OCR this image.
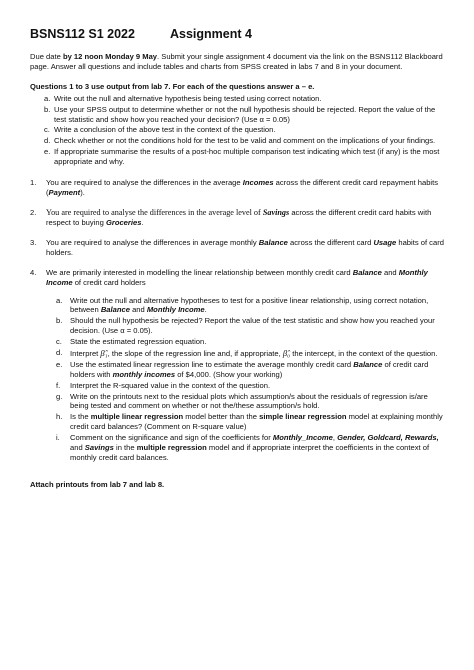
BSNS112 S1 2022	Assignment 4

Due date by 12 noon Monday 9 May. Submit your single assignment 4 document via the link on the BSNS112 Blackboard page. Answer all questions and include tables and charts from SPSS created in labs 7 and 8 in your document.

Questions 1 to 3 use output from lab 7. For each of the questions answer a – e.
a. Write out the null and alternative hypothesis being tested using correct notation.
b. Use your SPSS output to determine whether or not the null hypothesis should be rejected. Report the value of the test statistic and show how you reached your decision? (Use α = 0.05)
c. Write a conclusion of the above test in the context of the question.
d. Check whether or not the conditions hold for the test to be valid and comment on the implications of your findings.
e. If appropriate summarise the results of a post-hoc multiple comparison test indicating which test (if any) is the most appropriate and why.
1.	You are required to analyse the differences in the average Incomes across the different credit card repayment habits (Payment).
2.	You are required to analyse the differences in the average level of Savings across the different credit card habits with respect to buying Groceries.
3.	You are required to analyse the differences in average monthly Balance across the different card Usage habits of card holders.
4.	We are primarily interested in modelling the linear relationship between monthly credit card Balance and Monthly Income of credit card holders
a.	Write out the null and alternative hypotheses to test for a positive linear relationship, using correct notation, between Balance and Monthly Income.
b.	Should the null hypothesis be rejected? Report the value of the test statistic and show how you reached your decision. (Use α = 0.05).
c.	State the estimated regression equation.
d.	Interpret β̂₁, the slope of the regression line and, if appropriate, β̂₀ the intercept, in the context of the question.
e.	Use the estimated linear regression line to estimate the average monthly credit card Balance of credit card holders with monthly incomes of $4,000. (Show your working)
f.	Interpret the R-squared value in the context of the question.
g.	Write on the printouts next to the residual plots which assumption/s about the residuals of regression is/are being tested and comment on whether or not the/these assumption/s hold.
h.	Is the multiple linear regression model better than the simple linear regression model at explaining monthly credit card balances? (Comment on R-square value)
i.	Comment on the significance and sign of the coefficients for Monthly_Income, Gender, Goldcard, Rewards, and Savings in the multiple regression model and if appropriate interpret the coefficients in the context of monthly credit card balances.
Attach printouts from lab 7 and lab 8.
